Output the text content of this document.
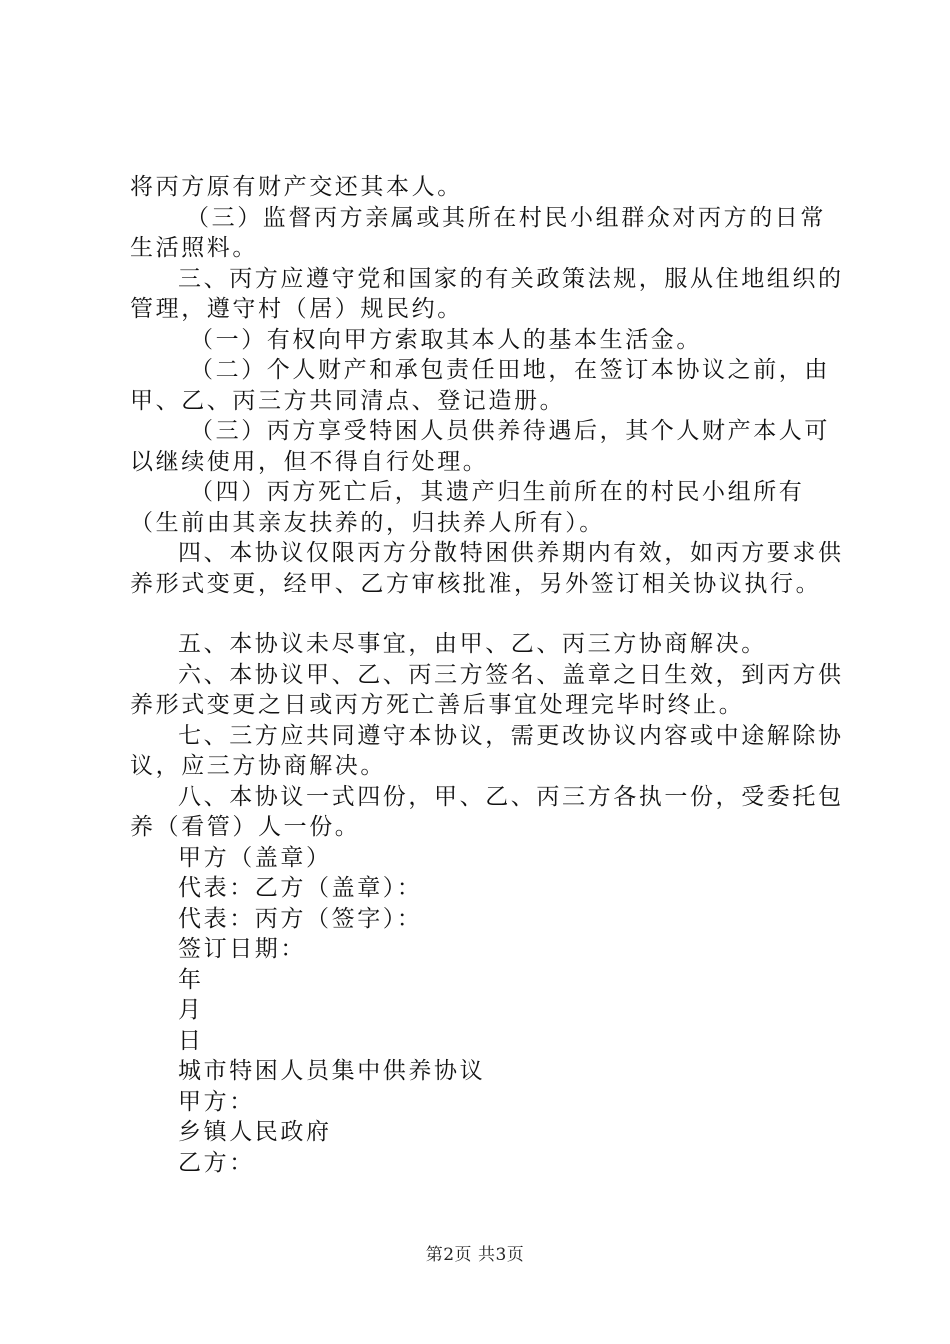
将丙方原有财产交还其本人。

（三）监督丙方亲属或其所在村民小组群众对丙方的日常生活照料。

三、丙方应遵守党和国家的有关政策法规，服从住地组织的管理，遵守村（居）规民约。

（一）有权向甲方索取其本人的基本生活金。

（二）个人财产和承包责任田地，在签订本协议之前，由甲、乙、丙三方共同清点、登记造册。

（三）丙方享受特困人员供养待遇后，其个人财产本人可以继续使用，但不得自行处理。

（四）丙方死亡后，其遗产归生前所在的村民小组所有（生前由其亲友扶养的，归扶养人所有）。

四、本协议仅限丙方分散特困供养期内有效，如丙方要求供养形式变更，经甲、乙方审核批准，另外签订相关协议执行。

五、本协议未尽事宜，由甲、乙、丙三方协商解决。

六、本协议甲、乙、丙三方签名、盖章之日生效，到丙方供养形式变更之日或丙方死亡善后事宜处理完毕时终止。

七、三方应共同遵守本协议，需更改协议内容或中途解除协议，应三方协商解决。

八、本协议一式四份，甲、乙、丙三方各执一份，受委托包养（看管）人一份。

甲方（盖章）

代表：乙方（盖章）：

代表：丙方（签字）：

签订日期：

年

月

日

城市特困人员集中供养协议

甲方：

乡镇人民政府

乙方：

第2页 共3页
